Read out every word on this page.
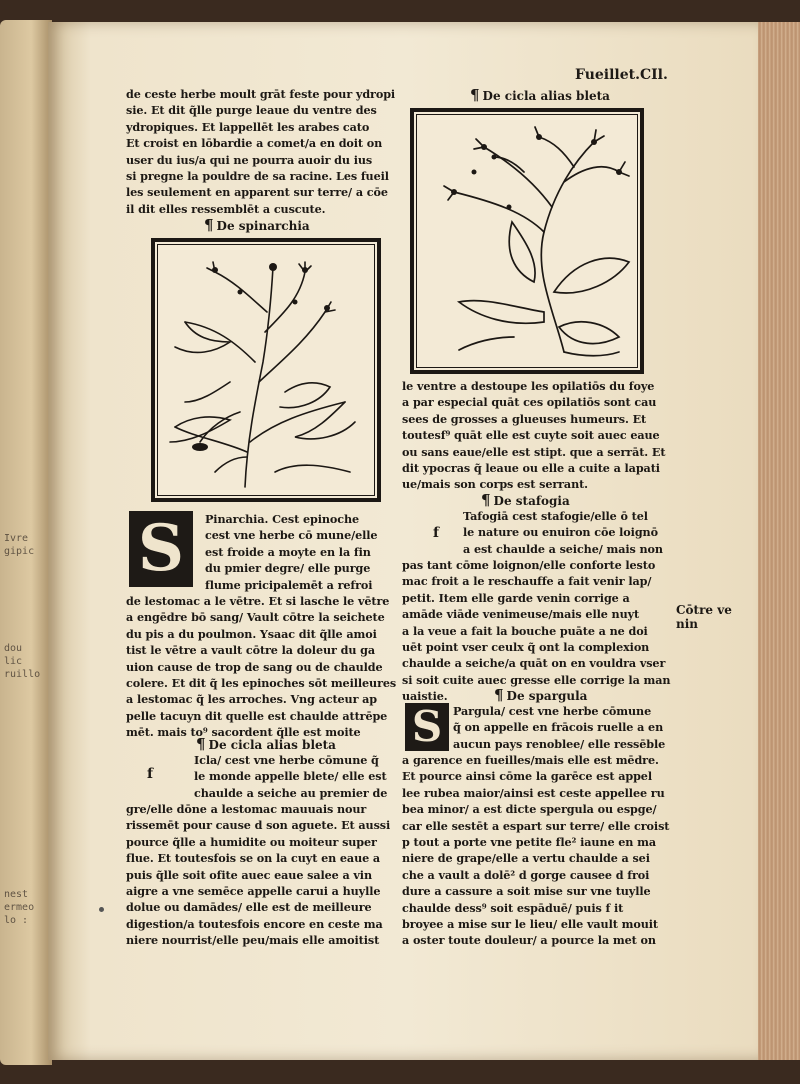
Ivre
gipic
dou
lic
ruillo
nest
ermeo
lo :
Fueillet.CIl.

de ceste herbe moult grāt feste pour ydropi

sie. Et dit q̃lle purge leaue du ventre des

ydropiques. Et lappellēt les arabes cato

Et croist en lōbardie a comet/a en doit on

user du ius/a qui ne pourra auoir du ius

si pregne la pouldre de sa racine. Les fueil

les seulement en apparent sur terre/ a cōe

il dit elles ressemblēt a cuscute.

¶ De spinarchia
S	Pinarchia. Cest epinoche

cest vne herbe cō mune/elle

est froide a moyte en la fin

du pmier degre/ elle purge

flume pricipalemēt a refroi

de lestomac a le vētre. Et si lasche le vētre

a engēdre bō sang/ Vault cōtre la seichete

du pis a du poulmon. Ysaac dit q̃lle amoi

tist le vētre a vault cōtre la doleur du ga

uion cause de trop de sang ou de chaulde

colere. Et dit q̃ les epinoches sōt meilleures

a lestomac q̃ les arroches. Vng acteur ap

pelle tacuyn dit quelle est chaulde attrēpe

mēt. mais to⁹ sacordent q̃lle est moite

¶ De cicla alias bleta
f

Icla/ cest vne herbe cōmune q̃

le monde appelle blete/ elle est

chaulde a seiche au premier de

gre/elle dōne a lestomac mauuais nour

rissemēt pour cause d son aguete. Et aussi

pource q̃lle a humidite ou moiteur super

flue. Et toutesfois se on la cuyt en eaue a

puis q̃lle soit ofite auec eaue salee a vin

aigre a vne semēce appelle carui a huylle

dolue ou damādes/ elle est de meilleure

digestion/a toutesfois encore en ceste ma

niere nourrist/elle peu/mais elle amoitist

¶ De cicla alias bleta

le ventre a destoupe les opilatiōs du foye

a par especial quāt ces opilatiōs sont cau

sees de grosses a glueuses humeurs. Et

toutesf⁹ quāt elle est cuyte soit auec eaue

ou sans eaue/elle est stipt. que a serrāt. Et

dit ypocras q̃ leaue ou elle a cuite a lapati

ue/mais son corps est serrant.

¶ De stafogia
f

Tafogiā cest stafogie/elle ō tel

le nature ou enuiron cōe loignō

a est chaulde a seiche/ mais non

pas tant cōme loignon/elle conforte lesto

mac froit a le reschauffe a fait venir lap/

petit. Item elle garde venin corrige a

amāde viāde venimeuse/mais elle nuyt

a la veue a fait la bouche puāte a ne doi

uēt point vser ceulx q̃ ont la complexion

chaulde a seiche/a quāt on en vouldra vser

si soit cuite auec gresse elle corrige la man

uaistie.

Cōtre ve
nin
¶ De spargula
S Pargula/ cest vne herbe cōmune

q̃ on appelle en frācois ruelle a en

aucun pays renoblee/ elle ressēble

a garence en fueilles/mais elle est mēdre.

Et pource ainsi cōme la garēce est appel

lee rubea maior/ainsi est ceste appellee ru

bea minor/ a est dicte spergula ou espge/

car elle sestēt a espart sur terre/ elle croist

p tout a porte vne petite fle² iaune en ma

niere de grape/elle a vertu chaulde a sei

che a vault a dolē² d gorge causee d froi

dure a cassure a soit mise sur vne tuylle

chaulde dess⁹ soit espāduē/ puis f it

broyee a mise sur le lieu/ elle vault mouit

a oster toute douleur/ a pource la met on
